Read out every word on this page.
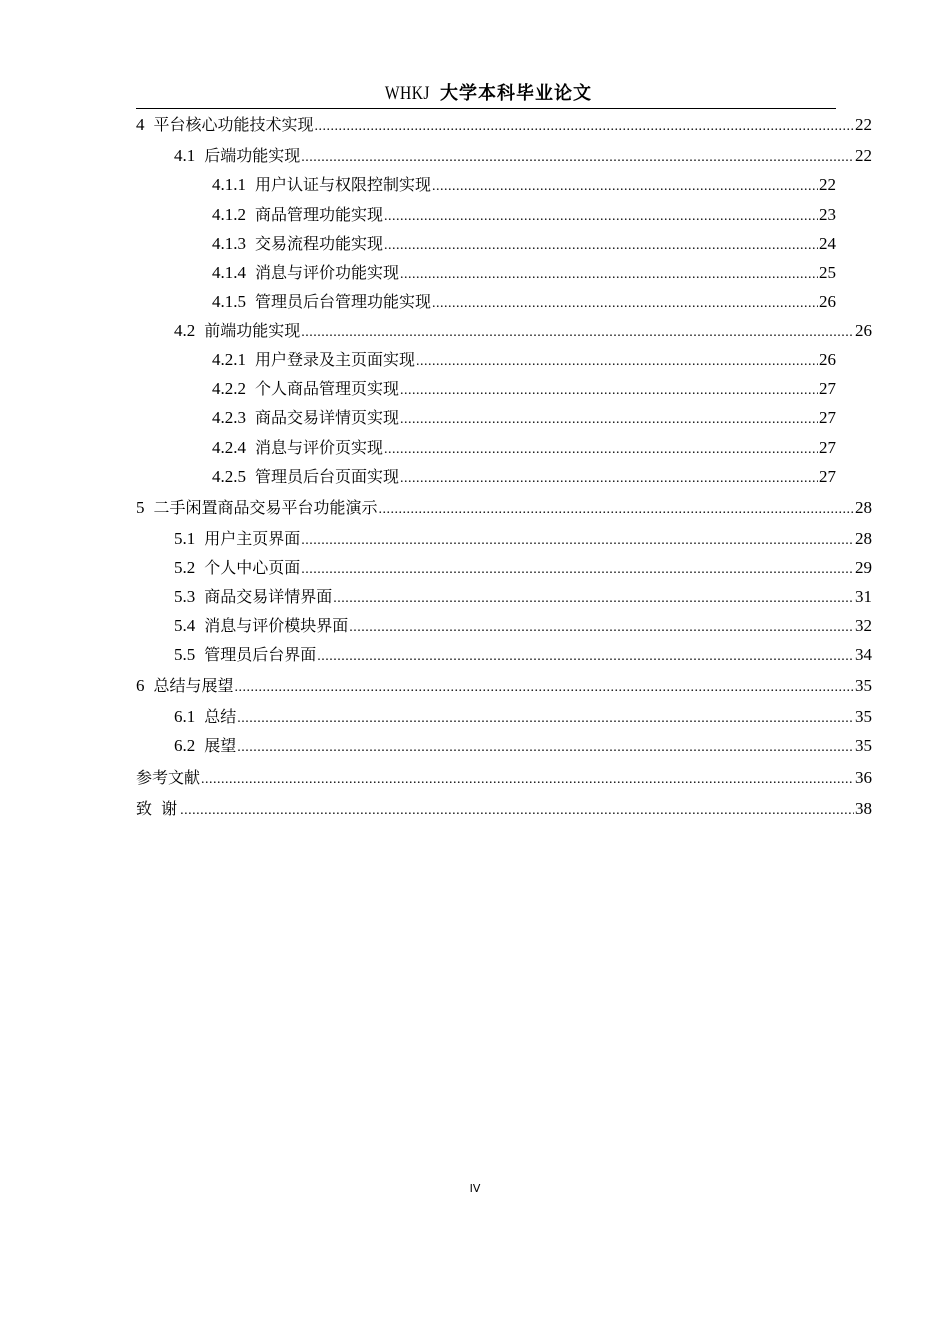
WHKJ 大学本科毕业论文
4 平台核心功能技术实现 .....	22
4.1 后端功能实现 .....	22
4.1.1 用户认证与权限控制实现 .....	22
4.1.2 商品管理功能实现 .....	23
4.1.3 交易流程功能实现 .....	24
4.1.4 消息与评价功能实现 .....	25
4.1.5 管理员后台管理功能实现 .....	26
4.2 前端功能实现 .....	26
4.2.1 用户登录及主页面实现 .....	26
4.2.2 个人商品管理页实现 .....	27
4.2.3 商品交易详情页实现 .....	27
4.2.4 消息与评价页实现 .....	27
4.2.5 管理员后台页面实现 .....	27
5 二手闲置商品交易平台功能演示 .....	28
5.1 用户主页界面 .....	28
5.2 个人中心页面 .....	29
5.3 商品交易详情界面 .....	31
5.4 消息与评价模块界面 .....	32
5.5 管理员后台界面 .....	34
6 总结与展望 .....	35
6.1 总结 .....	35
6.2 展望 .....	35
参考文献 .....	36
致 谢 .....	38
IV
